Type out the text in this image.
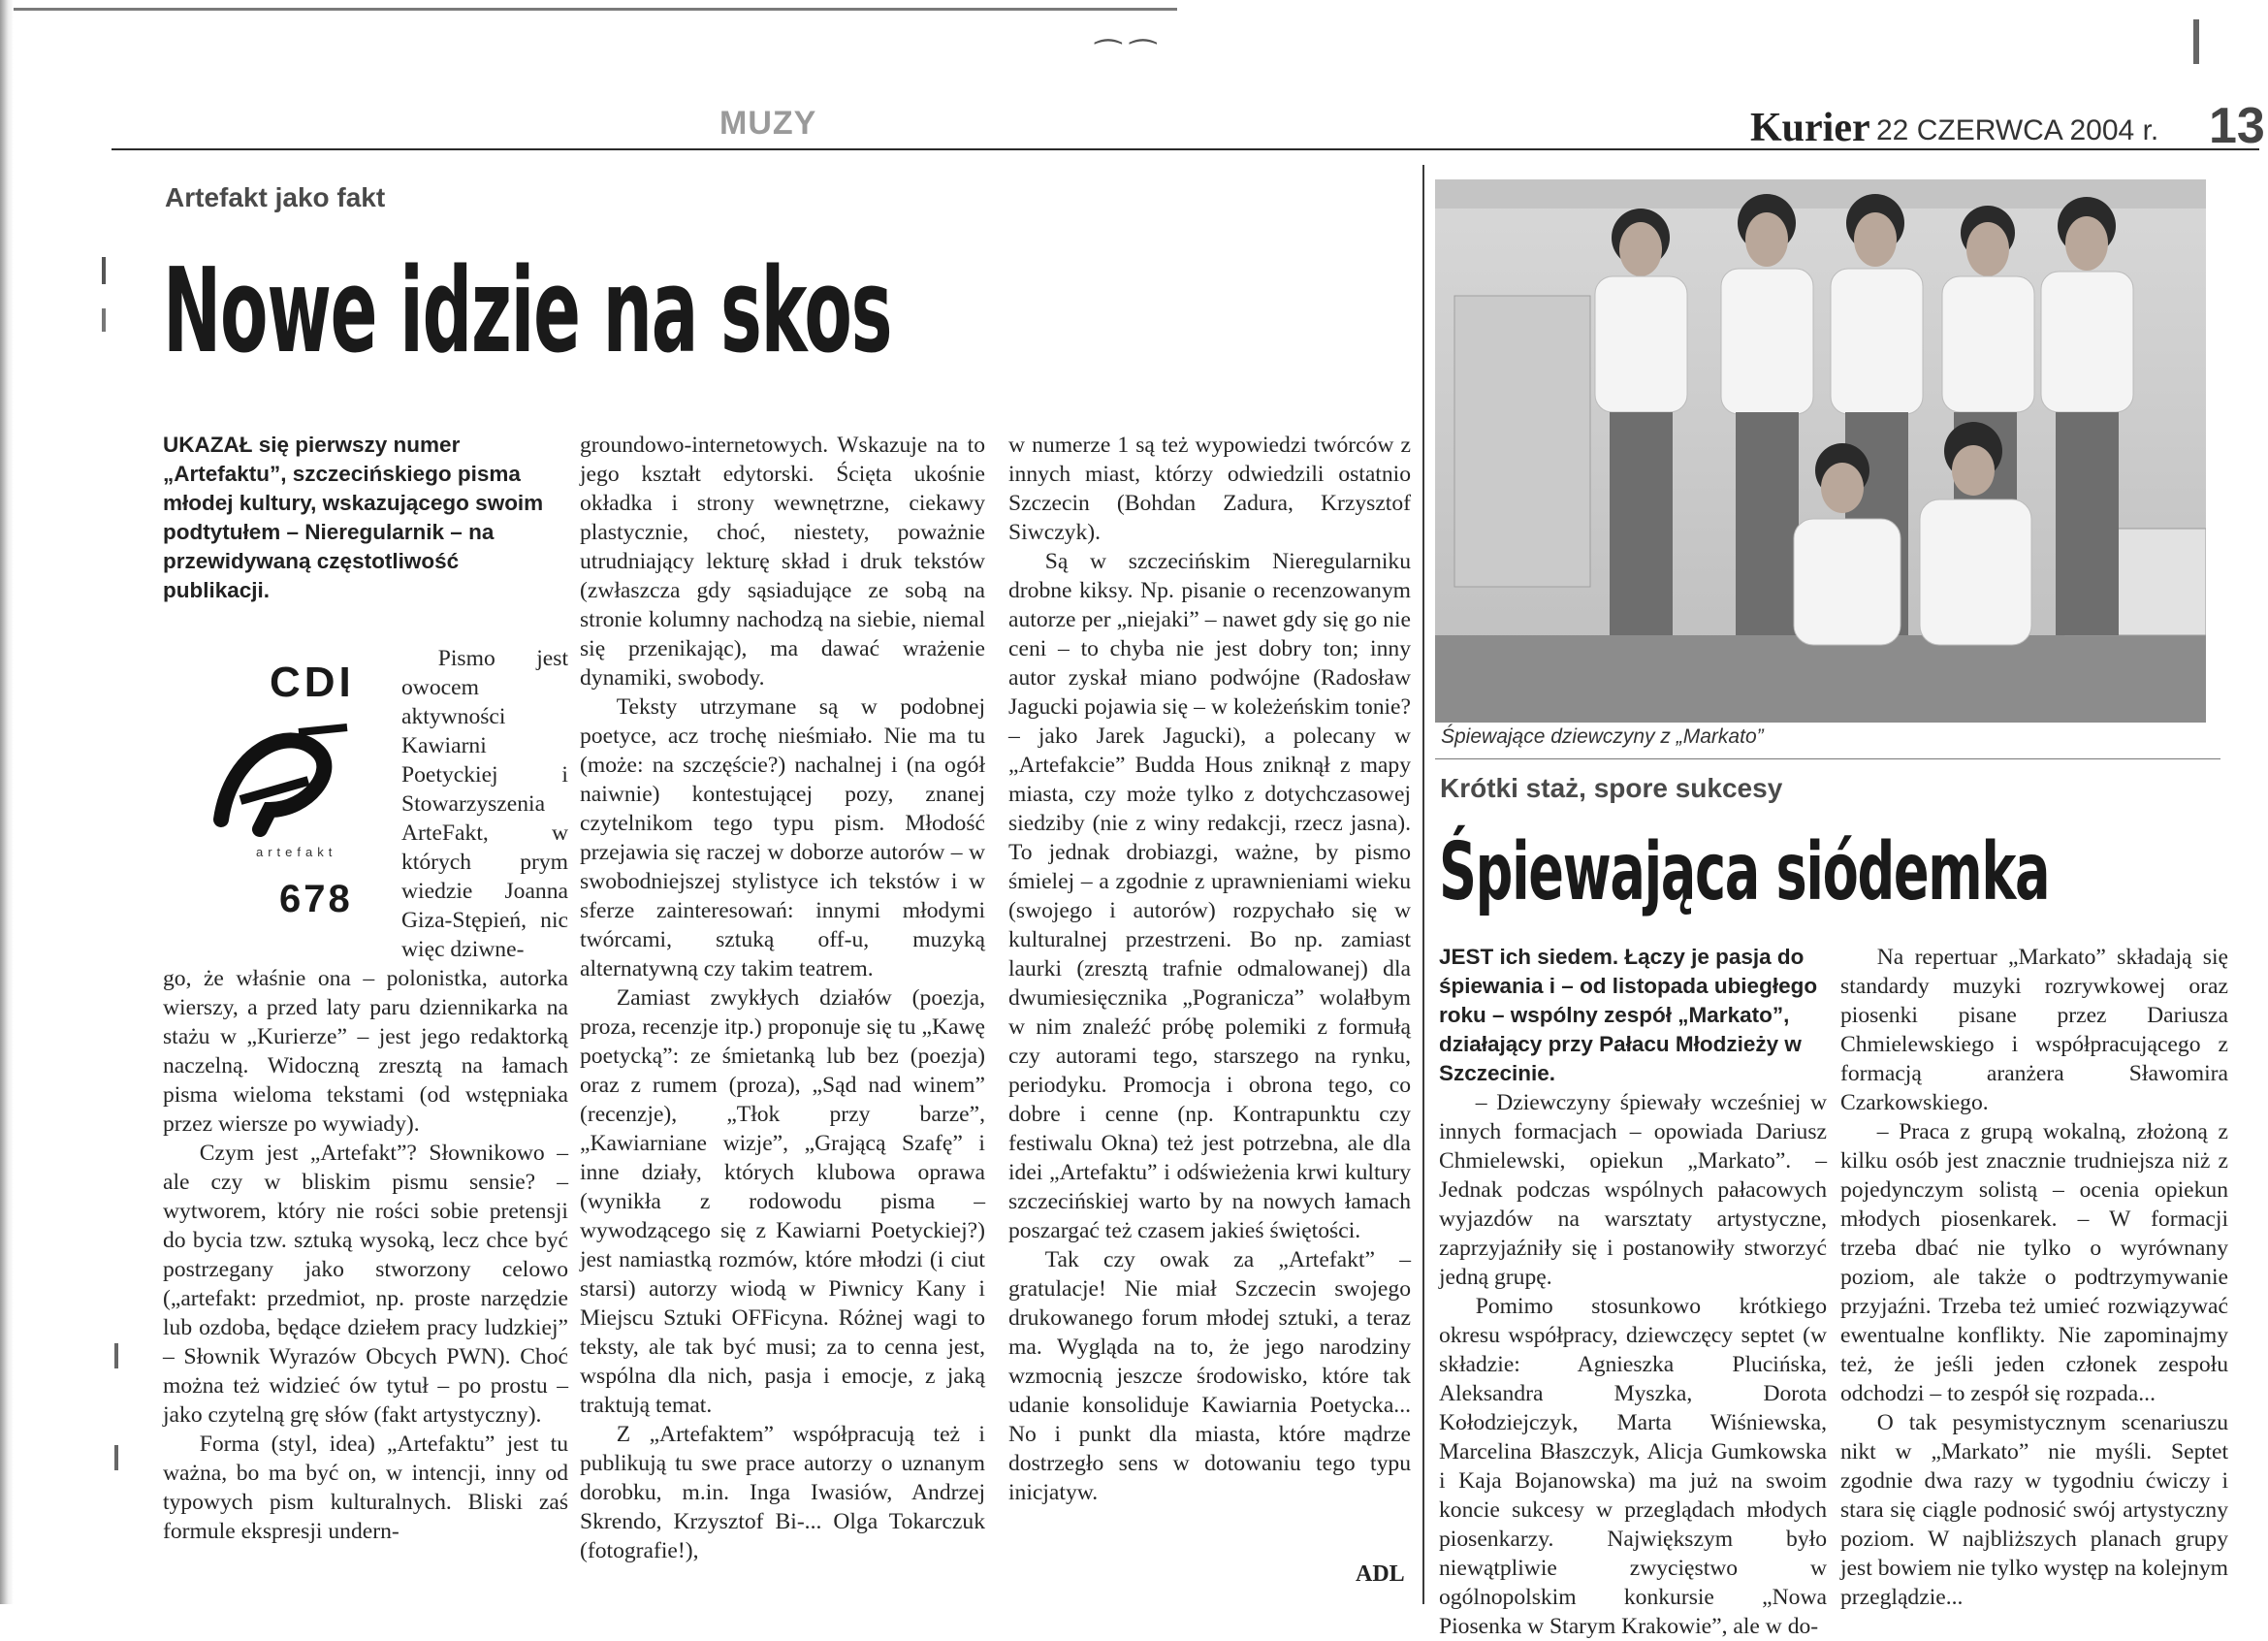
⁀ ⁀
MUZY	Kurier 22 CZERWCA 2004 r. 13
Artefakt jako fakt
Nowe idzie na skos

UKAZAŁ się pierwszy numer „Artefaktu”, szczecińskiego pisma młodej kultury, wskazującego swoim podtytułem – Nieregularnik – na przewidywaną częstotliwość publikacji.

CDI
artefakt
678

Pismo jest owocem aktywności Kawiarni Poetyckiej i Stowarzyszenia ArteFakt, w których prym wiedzie Joanna Giza-Stępień, nic więc dziwne-

go, że właśnie ona – polonistka, autorka wierszy, a przed laty paru dziennikarka na stażu w „Kurierze” – jest jego redaktorką naczelną. Widoczną zresztą na łamach pisma wieloma tekstami (od wstępniaka przez wiersze po wywiady).

Czym jest „Artefakt”? Słownikowo – ale czy w bliskim pismu sensie? – wytworem, który nie rości sobie pretensji do bycia tzw. sztuką wysoką, lecz chce być postrzegany jako stworzony celowo („artefakt: przedmiot, np. proste narzędzie lub ozdoba, będące dziełem pracy ludzkiej” – Słownik Wyrazów Obcych PWN). Choć można też widzieć ów tytuł – po prostu – jako czytelną grę słów (fakt artystyczny).

Forma (styl, idea) „Artefaktu” jest tu ważna, bo ma być on, w intencji, inny od typowych pism kulturalnych. Bliski zaś formule ekspresji undern-

groundowo-internetowych. Wskazuje na to jego kształt edytorski. Ścięta ukośnie okładka i strony wewnętrzne, ciekawy plastycznie, choć, niestety, poważnie utrudniający lekturę skład i druk tekstów (zwłaszcza gdy sąsiadujące ze sobą na stronie kolumny nachodzą na siebie, niemal się przenikając), ma dawać wrażenie dynamiki, swobody.

Teksty utrzymane są w podobnej poetyce, acz trochę nieśmiało. Nie ma tu (może: na szczęście?) nachalnej i (na ogół naiwnie) kontestującej pozy, znanej czytelnikom tego typu pism. Młodość przejawia się raczej w doborze autorów – w swobodniejszej stylistyce ich tekstów i w sferze zainteresowań: innymi młodymi twórcami, sztuką off-u, muzyką alternatywną czy takim teatrem.

Zamiast zwykłych działów (poezja, proza, recenzje itp.) proponuje się tu „Kawę poetycką”: ze śmietanką lub bez (poezja) oraz z rumem (proza), „Sąd nad winem” (recenzje), „Tłok przy barze”, „Kawiarniane wizje”, „Grającą Szafę” i inne działy, których klubowa oprawa (wynikła z rodowodu pisma – wywodzącego się z Kawiarni Poetyckiej?) jest namiastką rozmów, które młodzi (i ciut starsi) autorzy wiodą w Piwnicy Kany i Miejscu Sztuki OFFicyna. Różnej wagi to teksty, ale tak być musi; za to cenna jest, wspólna dla nich, pasja i emocje, z jaką traktują temat.

Z „Artefaktem” współpracują też i publikują tu swe prace autorzy o uznanym dorobku, m.in. Inga Iwasiów, Andrzej Skrendo, Krzysztof Bi-... Olga Tokarczuk (fotografie!),

w numerze 1 są też wypowiedzi twórców z innych miast, którzy odwiedzili ostatnio Szczecin (Bohdan Zadura, Krzysztof Siwczyk).

Są w szczecińskim Nieregularniku drobne kiksy. Np. pisanie o recenzowanym autorze per „niejaki” – nawet gdy się go nie ceni – to chyba nie jest dobry ton; inny autor zyskał miano podwójne (Radosław Jagucki pojawia się – w koleżeńskim tonie? – jako Jarek Jagucki), a polecany w „Artefakcie” Budda Hous zniknął z mapy miasta, czy może tylko z dotychczasowej siedziby (nie z winy redakcji, rzecz jasna). To jednak drobiazgi, ważne, by pismo śmielej – a zgodnie z uprawnieniami wieku (swojego i autorów) rozpychało się w kulturalnej przestrzeni. Bo np. zamiast laurki (zresztą trafnie odmalowanej) dla dwumiesięcznika „Pogranicza” wolałbym w nim znaleźć próbę polemiki z formułą czy autorami tego, starszego na rynku, periodyku. Promocja i obrona tego, co dobre i cenne (np. Kontrapunktu czy festiwalu Okna) też jest potrzebna, ale dla idei „Artefaktu” i odświeżenia krwi kultury szczecińskiej warto by na nowych łamach poszargać też czasem jakieś świętości.

Tak czy owak za „Artefakt” – gratulacje! Nie miał Szczecin swojego drukowanego forum młodej sztuki, a teraz ma. Wygląda na to, że jego narodziny wzmocnią jeszcze środowisko, które tak udanie konsoliduje Kawiarnia Poetycka... No i punkt dla miasta, które mądrze dostrzegło sens w dotowaniu tego typu inicjatyw.

ADL
Śpiewające dziewczyny z „Markato”
Krótki staż, spore sukcesy
Śpiewająca siódemka

JEST ich siedem. Łączy je pasja do śpiewania i – od listopada ubiegłego roku – wspólny zespół „Markato”, działający przy Pałacu Młodzieży w Szczecinie.

– Dziewczyny śpiewały wcześniej w innych formacjach – opowiada Dariusz Chmielewski, opiekun „Markato”. – Jednak podczas wspólnych pałacowych wyjazdów na warsztaty artystyczne, zaprzyjaźniły się i postanowiły stworzyć jedną grupę.

Pomimo stosunkowo krótkiego okresu współpracy, dziewczęcy septet (w składzie: Agnieszka Plucińska, Aleksandra Myszka, Dorota Kołodziejczyk, Marta Wiśniewska, Marcelina Błaszczyk, Alicja Gumkowska i Kaja Bojanowska) ma już na swoim koncie sukcesy w przeglądach młodych piosenkarzy. Największym było niewątpliwie zwycięstwo w ogólnopolskim konkursie „Nowa Piosenka w Starym Krakowie”, ale w do-

Na repertuar „Markato” składają się standardy muzyki rozrywkowej oraz piosenki pisane przez Dariusza Chmielewskiego i współpracującego z formacją aranżera Sławomira Czarkowskiego.

– Praca z grupą wokalną, złożoną z kilku osób jest znacznie trudniejsza niż z pojedynczym solistą – ocenia opiekun młodych piosenkarek. – W formacji trzeba dbać nie tylko o wyrównany poziom, ale także o podtrzymywanie przyjaźni. Trzeba też umieć rozwiązywać ewentualne konflikty. Nie zapominajmy też, że jeśli jeden członek zespołu odchodzi – to zespół się rozpada...

O tak pesymistycznym scenariuszu nikt w „Markato” nie myśli. Septet zgodnie dwa razy w tygodniu ćwiczy i stara się ciągle podnosić swój artystyczny poziom. W najbliższych planach grupy jest bowiem nie tylko występ na kolejnym przeglądzie...
